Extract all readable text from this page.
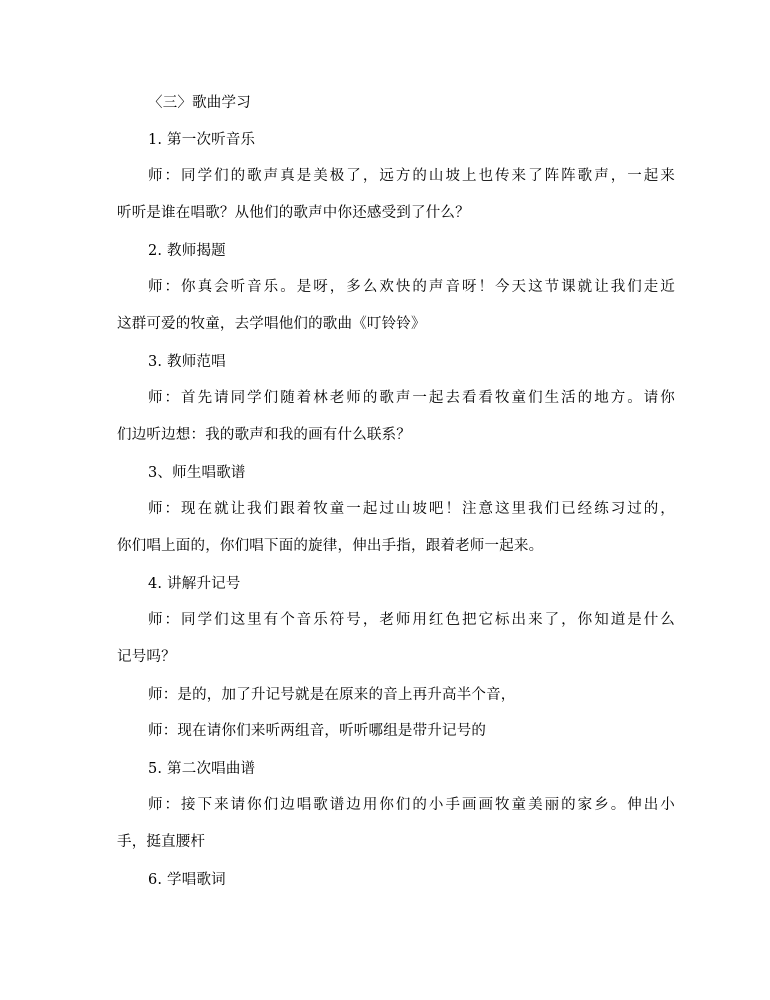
〈三〉歌曲学习
1. 第一次听音乐
师：同学们的歌声真是美极了，远方的山坡上也传来了阵阵歌声，一起来
听听是谁在唱歌？从他们的歌声中你还感受到了什么？
2. 教师揭题
师：你真会听音乐。是呀，多么欢快的声音呀！今天这节课就让我们走近
这群可爱的牧童，去学唱他们的歌曲《叮铃铃》
3. 教师范唱
师：首先请同学们随着林老师的歌声一起去看看牧童们生活的地方。请你
们边听边想：我的歌声和我的画有什么联系？
3、师生唱歌谱
师：现在就让我们跟着牧童一起过山坡吧！注意这里我们已经练习过的，
你们唱上面的，你们唱下面的旋律，伸出手指，跟着老师一起来。
4. 讲解升记号
师：同学们这里有个音乐符号，老师用红色把它标出来了，你知道是什么
记号吗？
师：是的，加了升记号就是在原来的音上再升高半个音，
师：现在请你们来听两组音，听听哪组是带升记号的
5. 第二次唱曲谱
师：接下来请你们边唱歌谱边用你们的小手画画牧童美丽的家乡。伸出小
手，挺直腰杆
6. 学唱歌词
